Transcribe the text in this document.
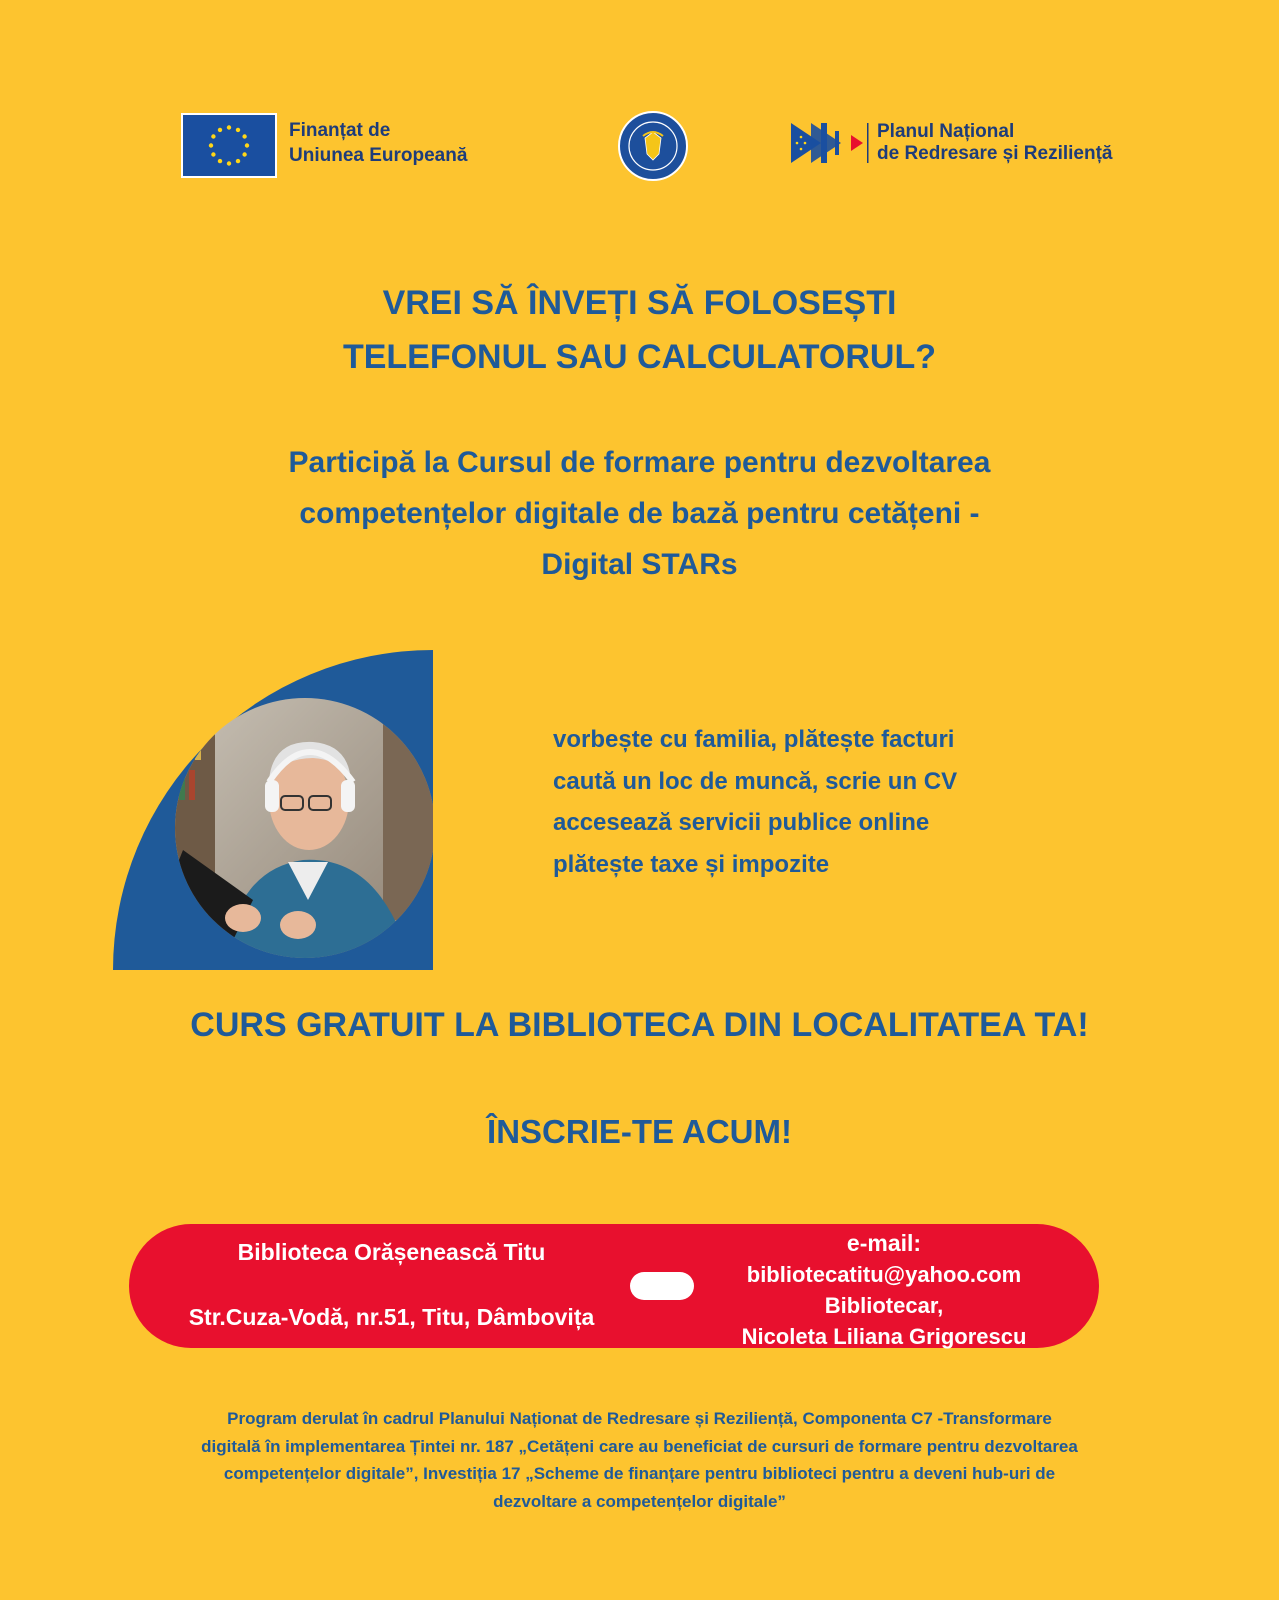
Finanțat de
Uniunea Europeană
Planul Național
de Redresare și Reziliență
VREI SĂ ÎNVEȚI SĂ FOLOSEȘTI
TELEFONUL SAU CALCULATORUL?
Participă la Cursul de formare pentru dezvoltarea
competențelor digitale de bază pentru cetățeni -
Digital STARs
vorbește cu familia, plătește facturi
caută un loc de muncă, scrie un CV
accesează servicii publice online
plătește taxe și impozite
CURS GRATUIT LA BIBLIOTECA DIN LOCALITATEA TA!
ÎNSCRIE-TE ACUM!
Biblioteca Orășenească Titu
Str.Cuza-Vodă, nr.51, Titu, Dâmbovița
e-mail:
bibliotecatitu@yahoo.com
Bibliotecar,
Nicoleta Liliana Grigorescu
Program derulat în cadrul Planului Naționat de Redresare și Reziliență, Componenta C7 -Transformare
digitală în implementarea Țintei nr. 187 „Cetățeni care au beneficiat de cursuri de formare pentru dezvoltarea
competențelor digitale”, Investiția 17 „Scheme de finanțare pentru biblioteci pentru a deveni hub-uri de
dezvoltare a competențelor digitale”
